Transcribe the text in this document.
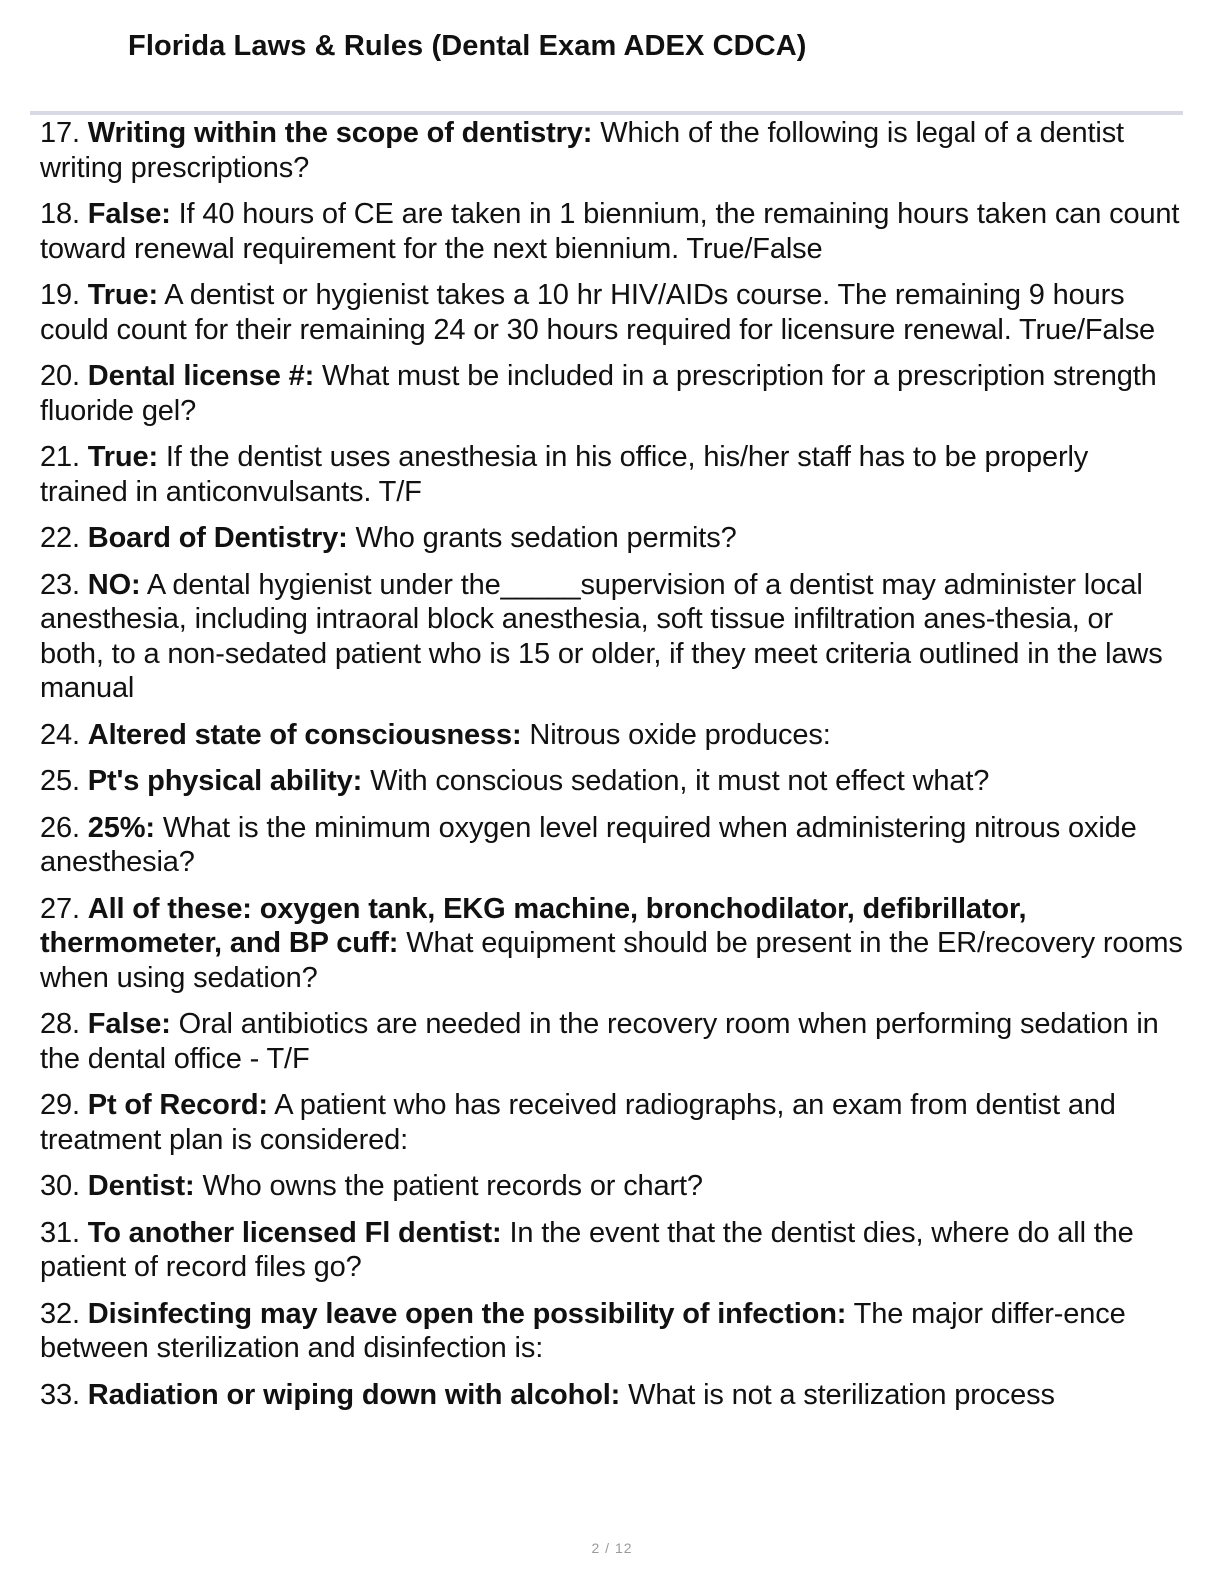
Florida Laws & Rules (Dental Exam ADEX CDCA)
17. Writing within the scope of dentistry: Which of the following is legal of a dentist writing prescriptions?
18. False: If 40 hours of CE are taken in 1 biennium, the remaining hours taken can count toward renewal requirement for the next biennium. True/False
19. True: A dentist or hygienist takes a 10 hr HIV/AIDs course. The remaining 9 hours could count for their remaining 24 or 30 hours required for licensure renewal. True/False
20. Dental license #: What must be included in a prescription for a prescription strength fluoride gel?
21. True: If the dentist uses anesthesia in his office, his/her staff has to be properly trained in anticonvulsants. T/F
22. Board of Dentistry: Who grants sedation permits?
23. NO: A dental hygienist under the_____supervision of a dentist may administer local anesthesia, including intraoral block anesthesia, soft tissue infiltration anes-thesia, or both, to a non-sedated patient who is 15 or older, if they meet criteria outlined in the laws manual
24. Altered state of consciousness: Nitrous oxide produces:
25. Pt's physical ability: With conscious sedation, it must not effect what?
26. 25%: What is the minimum oxygen level required when administering nitrous oxide anesthesia?
27. All of these: oxygen tank, EKG machine, bronchodilator, defibrillator, thermometer, and BP cuff: What equipment should be present in the ER/recovery rooms when using sedation?
28. False: Oral antibiotics are needed in the recovery room when performing sedation in the dental office - T/F
29. Pt of Record: A patient who has received radiographs, an exam from dentist and treatment plan is considered:
30. Dentist: Who owns the patient records or chart?
31. To another licensed Fl dentist: In the event that the dentist dies, where do all the patient of record files go?
32. Disinfecting may leave open the possibility of infection: The major differ-ence between sterilization and disinfection is:
33. Radiation or wiping down with alcohol: What is not a sterilization process
2 / 12
